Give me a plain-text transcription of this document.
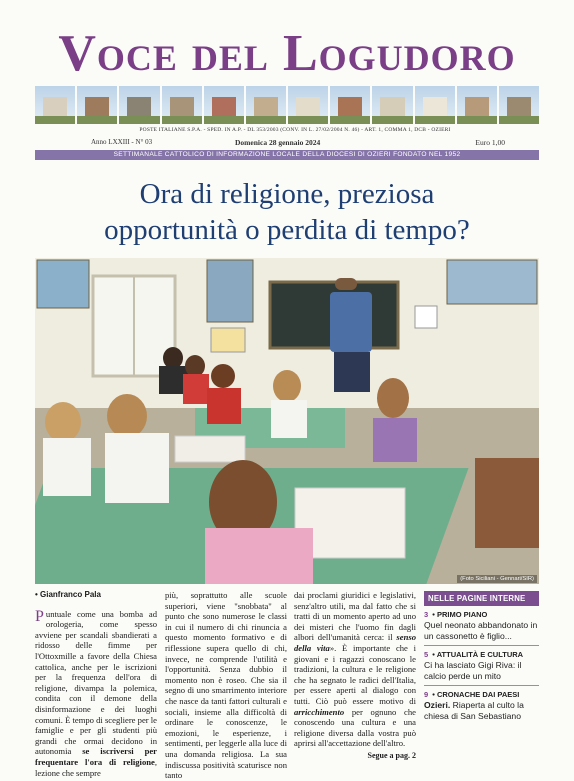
Voce del Logudoro
POSTE ITALIANE S.P.A. - SPED. IN A.P. - DL 353/2003 (CONV. IN L. 27/02/2004 N. 46) - ART. 1, COMMA 1, DCB - OZIERI
Anno LXXIII - N° 03	Domenica 28 gennaio 2024	Euro 1,00
SETTIMANALE CATTOLICO DI INFORMAZIONE LOCALE DELLA DIOCESI DI OZIERI FONDATO NEL 1952
Ora di religione, preziosa
opportunità o perdita di tempo?
(Foto Siciliani - Gennari/SIR)

• Gianfranco Pala

Puntuale come una bomba ad orologeria, come spesso avviene per scandali sbandierati a ridosso delle fimme per l'Ottoxmille a favore della Chiesa cattolica, anche per le iscrizioni per la frequenza dell'ora di religione, divampa la polemica, condita con il demone della disinformazione e dei luoghi comuni. È tempo di scegliere per le famiglie e per gli studenti più grandi che ormai decidono in autonomia se iscriversi per frequentare l'ora di religione, lezione che sempre

più, soprattutto alle scuole superiori, viene "snobbata" al punto che sono numerose le classi in cui il numero di chi rinuncia a questo momento formativo e di riflessione supera quello di chi, invece, ne comprende l'utilità e l'opportunità. Senza dubbio il momento non è roseo. Che sia il segno di uno smarrimento interiore che nasce da tanti fattori culturali e sociali, insieme alla difficoltà di ordinare le conoscenze, le emozioni, le esperienze, i sentimenti, per leggerle alla luce di una domanda religiosa. La sua indiscussa positività scaturisce non tanto

dai proclami giuridici e legislativi, senz'altro utili, ma dal fatto che si tratti di un momento aperto ad uno dei misteri che l'uomo fin dagli albori dell'umanità cerca: il senso della vita». È importante che i giovani e i ragazzi conoscano le tradizioni, la cultura e le religione che ha segnato le radici dell'Italia, per essere aperti al dialogo con tutti. Ciò può essere motivo di arricchimento per ognuno che conoscendo una cultura e una religione diversa dalla vostra può aprirsi all'accettazione dell'altro.

Segue a pag. 2

NELLE PAGINE INTERNE
3 • PRIMO PIANO
Quel neonato abbandonato in un cassonetto è figlio...
5 • ATTUALITÀ E CULTURA
Ci ha lasciato Gigi Riva: il calcio perde un mito
9 • CRONACHE DAI PAESI
Ozieri. Riaperta al culto la chiesa di San Sebastiano
